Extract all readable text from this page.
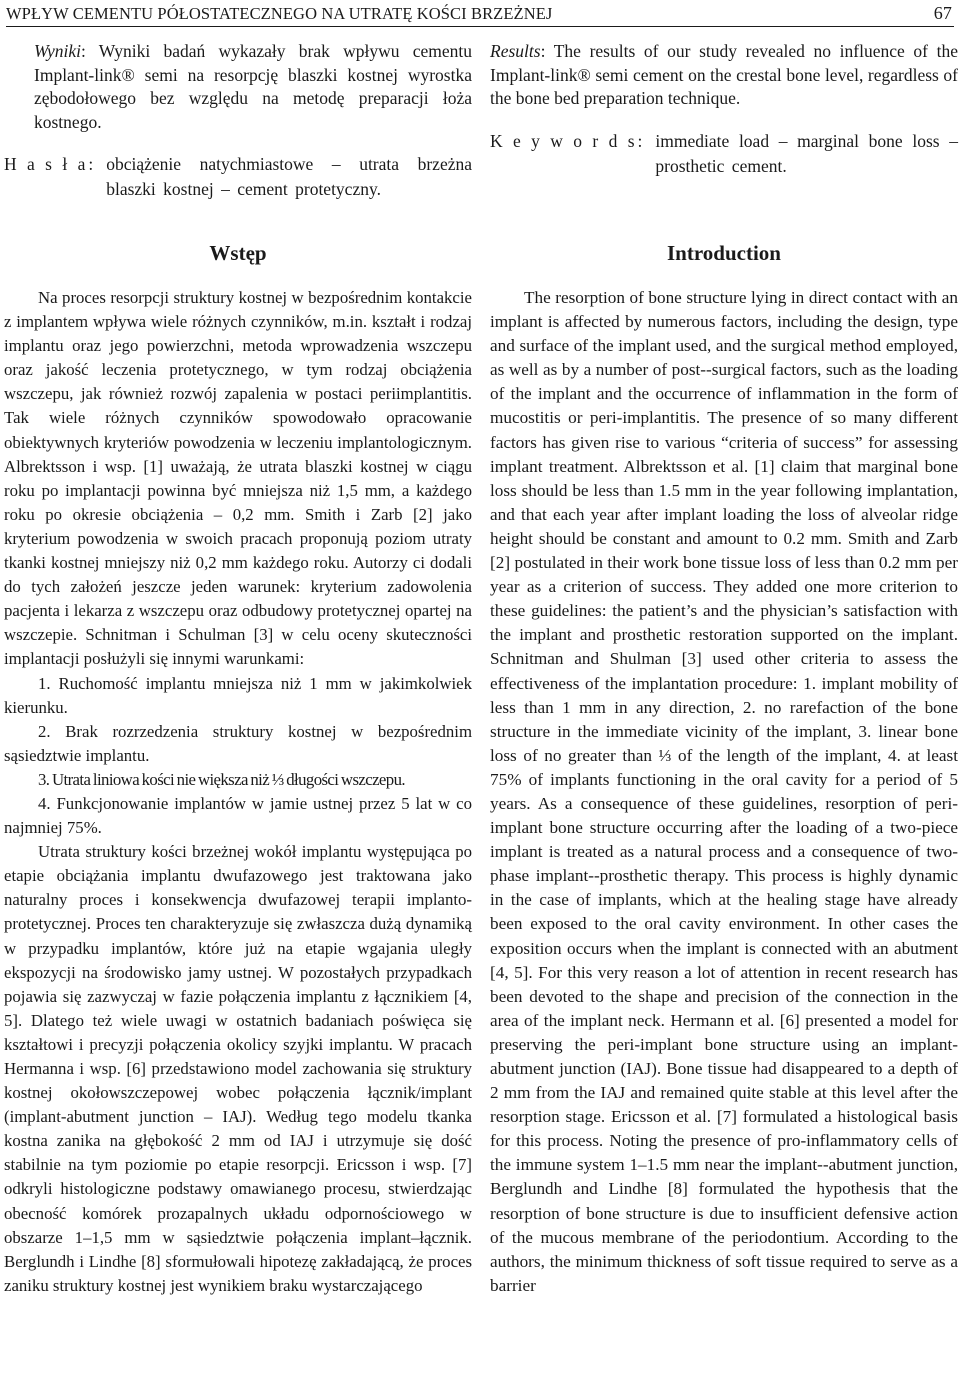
WPŁYW CEMENTU PÓŁOSTATECZNEGO NA UTRATĘ KOŚCI BRZEŻNEJ	67

Wyniki: Wyniki badań wykazały brak wpływu cementu Implant-link® semi na resorpcję blaszki kostnej wyrostka zębodołowego bez względu na metodę preparacji łoża kostnego.

H a s ł a: obciążenie natychmiastowe – utrata brzeżna blaszki kostnej – cement protetyczny.

Results: The results of our study revealed no influence of the Implant-link® semi cement on the crestal bone level, regardless of the bone bed preparation technique.

K e y w o r d s: immediate load – marginal bone loss – prosthetic cement.
Wstęp	Introduction

Na proces resorpcji struktury kostnej w bezpośrednim kontakcie z implantem wpływa wiele różnych czynników, m.in. kształt i rodzaj implantu oraz jego powierzchni, metoda wprowadzenia wszczepu oraz jakość leczenia protetycznego, w tym rodzaj obciążenia wszczepu, jak również rozwój zapalenia w postaci periimplantitis. Tak wiele różnych czynników spowodowało opracowanie obiektywnych kryteriów powodzenia w leczeniu implantologicznym. Albrektsson i wsp. [1] uważają, że utrata blaszki kostnej w ciągu roku po implantacji powinna być mniejsza niż 1,5 mm, a każdego roku po okresie obciążenia – 0,2 mm. Smith i Zarb [2] jako kryterium powodzenia w swoich pracach proponują poziom utraty tkanki kostnej mniejszy niż 0,2 mm każdego roku. Autorzy ci dodali do tych założeń jeszcze jeden warunek: kryterium zadowolenia pacjenta i lekarza z wszczepu oraz odbudowy protetycznej opartej na wszczepie. Schnitman i Schulman [3] w celu oceny skuteczności implantacji posłużyli się innymi warunkami:

1. Ruchomość implantu mniejsza niż 1 mm w jakimkolwiek kierunku.

2. Brak rozrzedzenia struktury kostnej w bezpośrednim sąsiedztwie implantu.

3. Utrata liniowa kości nie większa niż ⅓ długości wszczepu.

4. Funkcjonowanie implantów w jamie ustnej przez 5 lat w co najmniej 75%.

Utrata struktury kości brzeżnej wokół implantu występująca po etapie obciążania implantu dwufazowego jest traktowana jako naturalny proces i konsekwencja dwufazowej terapii implanto-protetycznej. Proces ten charakteryzuje się zwłaszcza dużą dynamiką w przypadku implantów, które już na etapie wgajania uległy ekspozycji na środowisko jamy ustnej. W pozostałych przypadkach pojawia się zazwyczaj w fazie połączenia implantu z łącznikiem [4, 5]. Dlatego też wiele uwagi w ostatnich badaniach poświęca się kształtowi i precyzji połączenia okolicy szyjki implantu. W pracach Hermanna i wsp. [6] przedstawiono model zachowania się struktury kostnej okołowszczepowej wobec połączenia łącznik/implant (implant-abutment junction – IAJ). Według tego modelu tkanka kostna zanika na głębokość 2 mm od IAJ i utrzymuje się dość stabilnie na tym poziomie po etapie resorpcji. Ericsson i wsp. [7] odkryli histologiczne podstawy omawianego procesu, stwierdzając obecność komórek prozapalnych układu odpornościowego w obszarze 1–1,5 mm w sąsiedztwie połączenia implant–łącznik. Berglundh i Lindhe [8] sformułowali hipotezę zakładającą, że proces zaniku struktury kostnej jest wynikiem braku wystarczającego

The resorption of bone structure lying in direct contact with an implant is affected by numerous factors, including the design, type and surface of the implant used, and the surgical method employed, as well as by a number of post--surgical factors, such as the loading of the implant and the occurrence of inflammation in the form of mucostitis or peri-implantitis. The presence of so many different factors has given rise to various “criteria of success” for assessing implant treatment. Albrektsson et al. [1] claim that marginal bone loss should be less than 1.5 mm in the year following implantation, and that each year after implant loading the loss of alveolar ridge height should be constant and amount to 0.2 mm. Smith and Zarb [2] postulated in their work bone tissue loss of less than 0.2 mm per year as a criterion of success. They added one more criterion to these guidelines: the patient’s and the physician’s satisfaction with the implant and prosthetic restoration supported on the implant. Schnitman and Shulman [3] used other criteria to assess the effectiveness of the implantation procedure: 1. implant mobility of less than 1 mm in any direction, 2. no rarefaction of the bone structure in the immediate vicinity of the implant, 3. linear bone loss of no greater than ⅓ of the length of the implant, 4. at least 75% of implants functioning in the oral cavity for a period of 5 years. As a consequence of these guidelines, resorption of peri-implant bone structure occurring after the loading of a two-piece implant is treated as a natural process and a consequence of two-phase implant--prosthetic therapy. This process is highly dynamic in the case of implants, which at the healing stage have already been exposed to the oral cavity environment. In other cases the exposition occurs when the implant is connected with an abutment [4, 5]. For this very reason a lot of attention in recent research has been devoted to the shape and precision of the connection in the area of the implant neck. Hermann et al. [6] presented a model for preserving the peri-implant bone structure using an implant-abutment junction (IAJ). Bone tissue had disappeared to a depth of 2 mm from the IAJ and remained quite stable at this level after the resorption stage. Ericsson et al. [7] formulated a histological basis for this process. Noting the presence of pro-inflammatory cells of the immune system 1–1.5 mm near the implant--abutment junction, Berglundh and Lindhe [8] formulated the hypothesis that the resorption of bone structure is due to insufficient defensive action of the mucous membrane of the periodontium. According to the authors, the minimum thickness of soft tissue required to serve as a barrier
